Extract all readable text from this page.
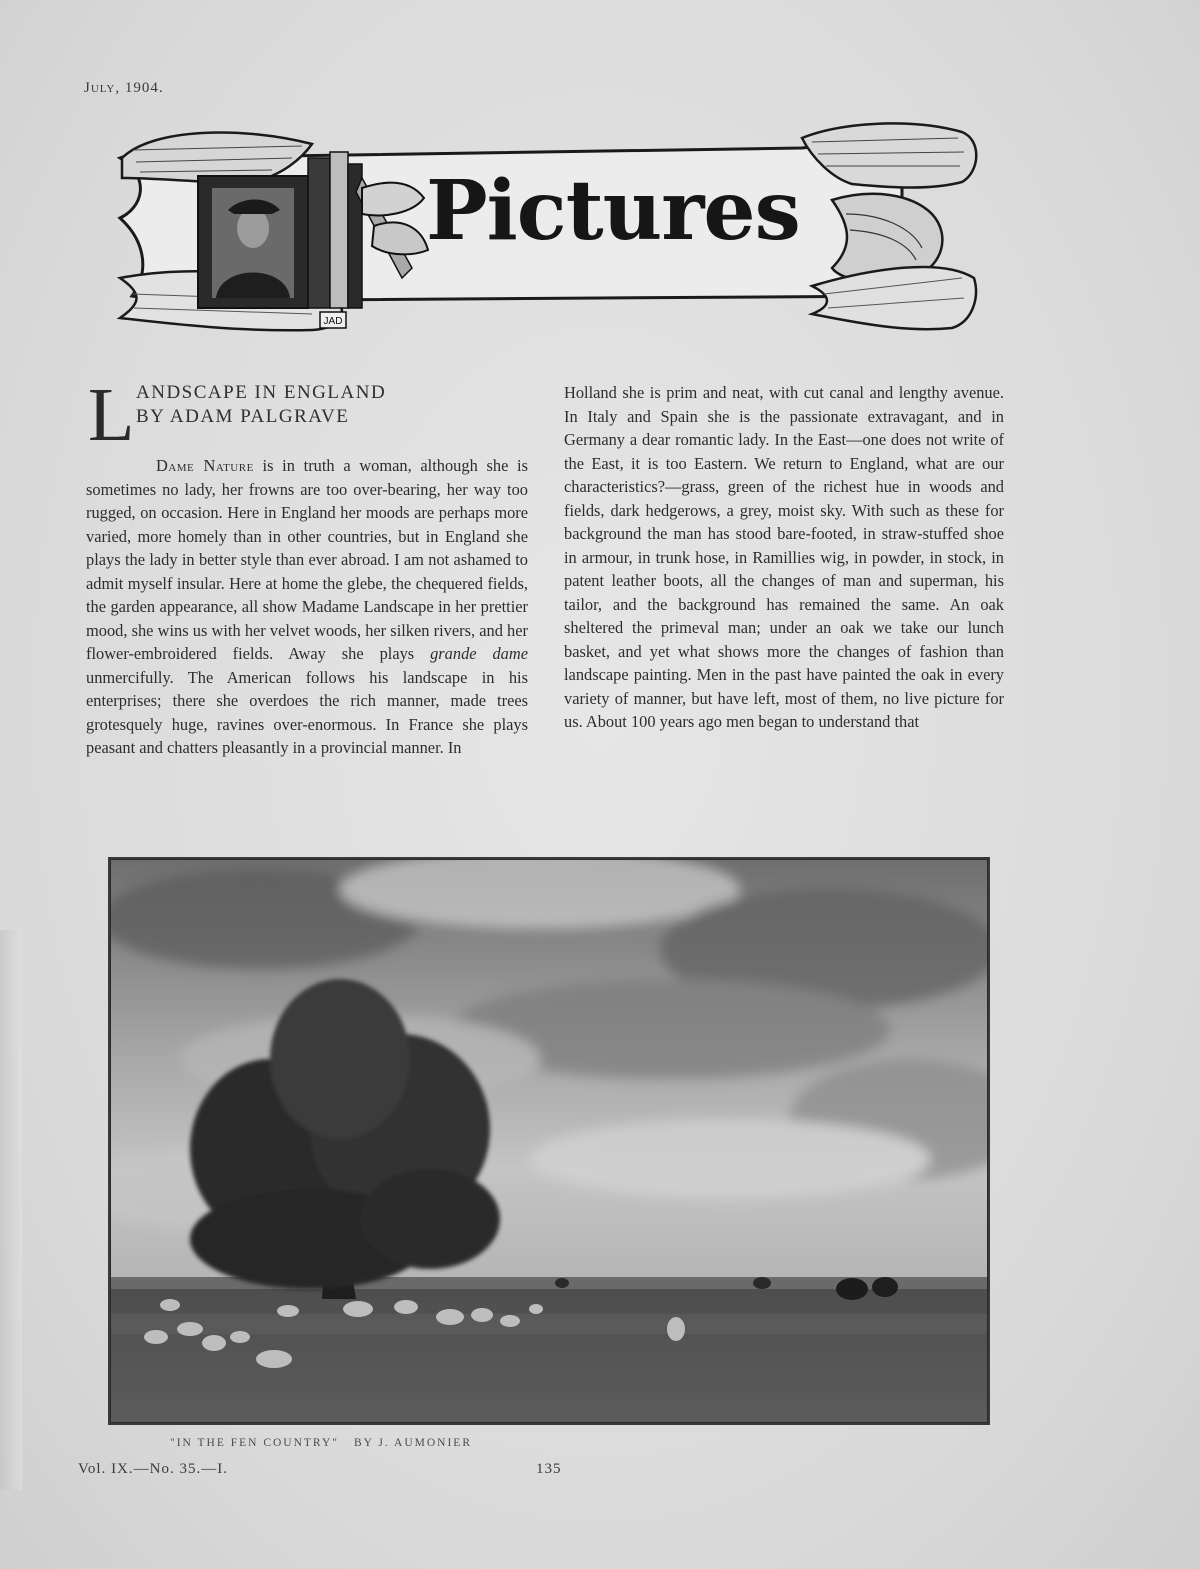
July, 1904.
JAD
Pictures
L ANDSCAPE IN ENGLAND
BY ADAM PALGRAVE
Dame Nature is in truth a woman, although she is sometimes no lady, her frowns are too over-bearing, her way too rugged, on occasion. Here in England her moods are perhaps more varied, more homely than in other countries, but in England she plays the lady in better style than ever abroad. I am not ashamed to admit myself insular. Here at home the glebe, the chequered fields, the garden appearance, all show Madame Landscape in her prettier mood, she wins us with her velvet woods, her silken rivers, and her flower-embroidered fields. Away she plays grande dame unmercifully. The American follows his landscape in his enterprises; there she overdoes the rich manner, made trees grotesquely huge, ravines over-enormous. In France she plays peasant and chatters pleasantly in a provincial manner. In
Holland she is prim and neat, with cut canal and lengthy avenue. In Italy and Spain she is the passionate extravagant, and in Germany a dear romantic lady. In the East—one does not write of the East, it is too Eastern. We return to England, what are our characteristics?—grass, green of the richest hue in woods and fields, dark hedgerows, a grey, moist sky. With such as these for background the man has stood bare-footed, in straw-stuffed shoe in armour, in trunk hose, in Ramillies wig, in powder, in stock, in patent leather boots, all the changes of man and superman, his tailor, and the background has remained the same. An oak sheltered the primeval man; under an oak we take our lunch basket, and yet what shows more the changes of fashion than landscape painting. Men in the past have painted the oak in every variety of manner, but have left, most of them, no live picture for us. About 100 years ago men began to understand that
"IN THE FEN COUNTRY" BY J. AUMONIER
Vol. IX.—No. 35.—I.	135
